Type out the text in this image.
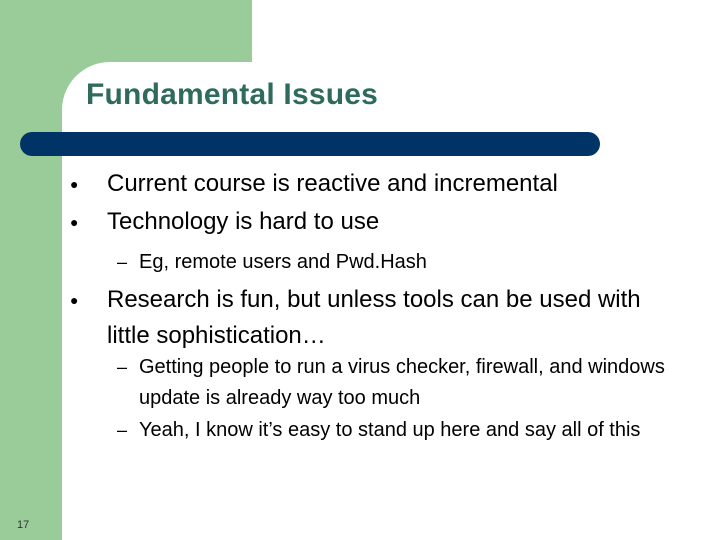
Fundamental Issues
● Current course is reactive and incremental
● Technology is hard to use
– Eg, remote users and Pwd.Hash
● Research is fun, but unless tools can be used with little sophistication…
– Getting people to run a virus checker, firewall, and windows update is already way too much
– Yeah, I know it’s easy to stand up here and say all of this
17
